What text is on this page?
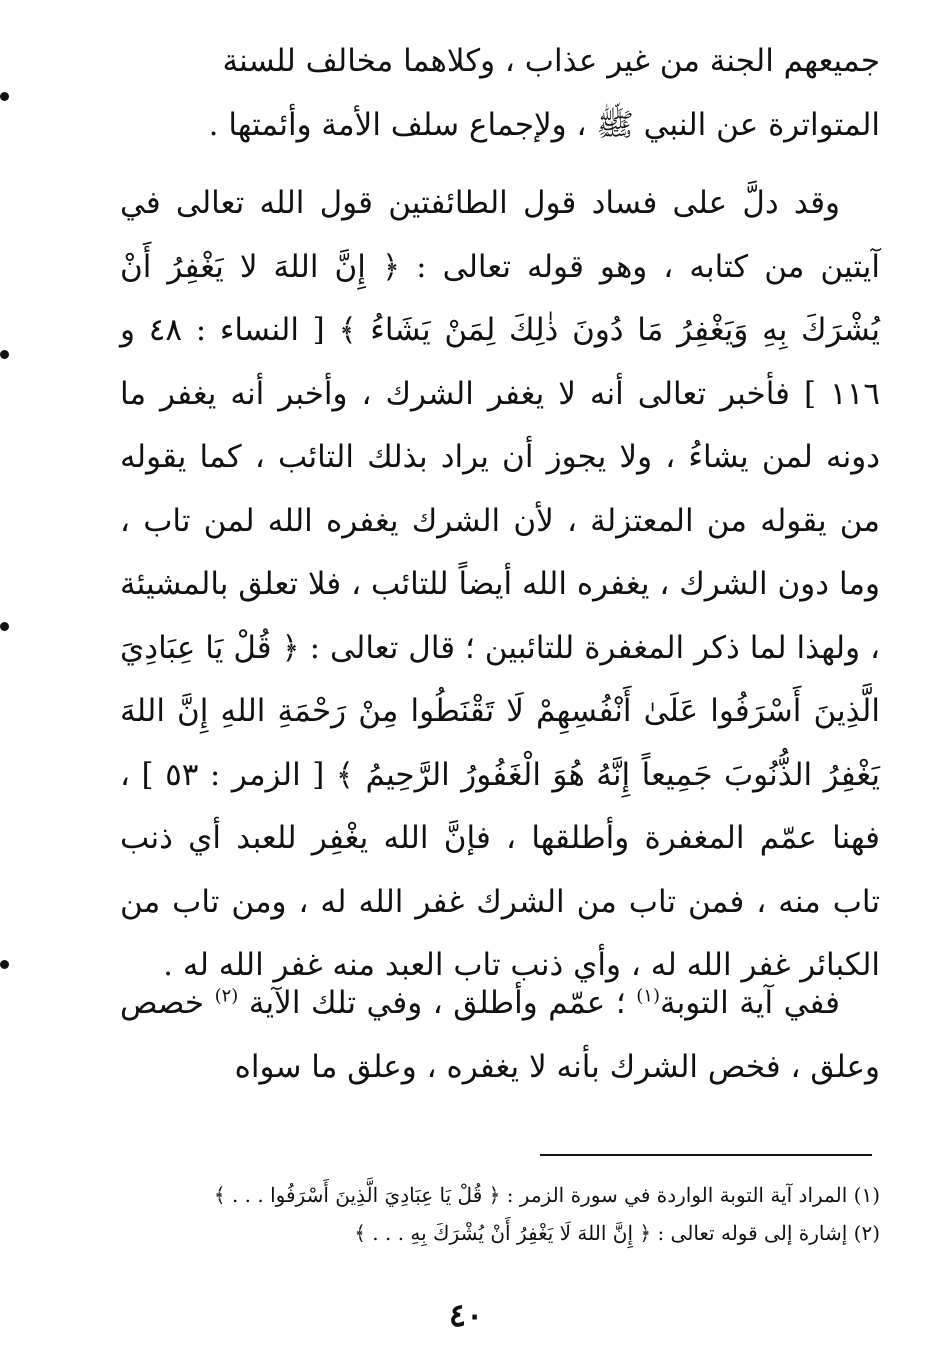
جميعهم الجنة من غير عذاب ، وكلاهما مخالف للسنة

المتواترة عن النبي ﷺ ، ولإجماع سلف الأمة وأئمتها .

وقد دلَّ على فساد قول الطائفتين قول الله تعالى في آيتين من كتابه ، وهو قوله تعالى : ﴿ إِنَّ اللهَ لا يَغْفِرُ أَنْ يُشْرَكَ بِهِ وَيَغْفِرُ مَا دُونَ ذٰلِكَ لِمَنْ يَشَاءُ ﴾ [ النساء : ٤٨ و ١١٦ ] فأخبر تعالى أنه لا يغفر الشرك ، وأخبر أنه يغفر ما دونه لمن يشاءُ ، ولا يجوز أن يراد بذلك التائب ، كما يقوله من يقوله من المعتزلة ، لأن الشرك يغفره الله لمن تاب ، وما دون الشرك ، يغفره الله أيضاً للتائب ، فلا تعلق بالمشيئة ، ولهذا لما ذكر المغفرة للتائبين ؛ قال تعالى : ﴿ قُلْ يَا عِبَادِيَ الَّذِينَ أَسْرَفُوا عَلَىٰ أَنْفُسِهِمْ لَا تَقْنَطُوا مِنْ رَحْمَةِ اللهِ إِنَّ اللهَ يَغْفِرُ الذُّنُوبَ جَمِيعاً إِنَّهُ هُوَ الْغَفُورُ الرَّحِيمُ ﴾ [ الزمر : ٥٣ ] ، فهنا عمّم المغفرة وأطلقها ، فإنَّ الله يغْفِر للعبد أي ذنب تاب منه ، فمن تاب من الشرك غفر الله له ، ومن تاب من الكبائر غفر الله له ، وأي ذنب تاب العبد منه غفر الله له .

ففي آية التوبة$^{(١)}$ ؛ عمّم وأطلق ، وفي تلك الآية $^{(٢)}$ خصص وعلق ، فخص الشرك بأنه لا يغفره ، وعلق ما سواه

(١) المراد آية التوبة الواردة في سورة الزمر : ﴿ قُلْ يَا عِبَادِيَ الَّذِينَ أَسْرَفُوا . . . ﴾

(٢) إشارة إلى قوله تعالى : ﴿ إِنَّ اللهَ لَا يَغْفِرُ أَنْ يُشْرَكَ بِهِ . . . ﴾

٤٠
